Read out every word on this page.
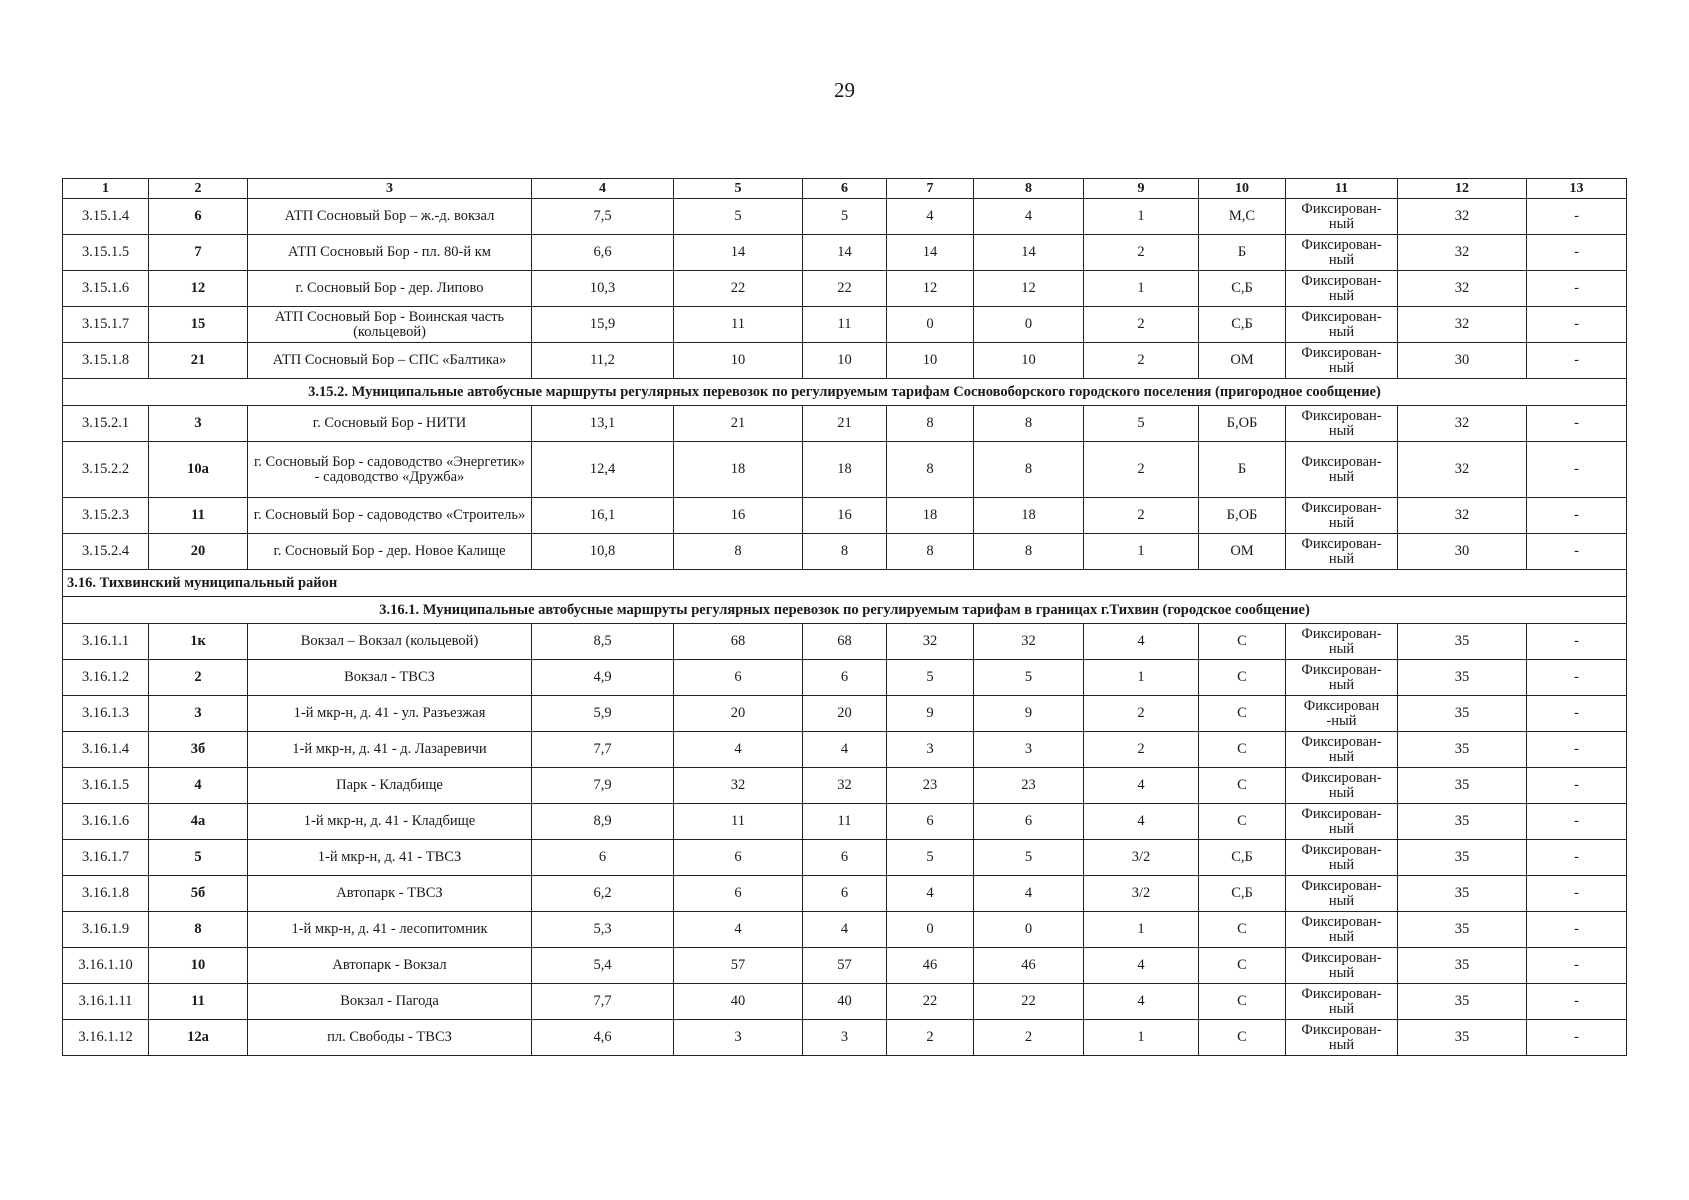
29
1	2	3	4	5	6	7	8	9	10	11	12	13
3.15.1.4	6	АТП Сосновый Бор – ж.-д. вокзал	7,5	5	5	4	4	1	М,С	Фиксирован-ный	32	-
3.15.1.5	7	АТП Сосновый Бор - пл. 80-й км	6,6	14	14	14	14	2	Б	Фиксирован-ный	32	-
3.15.1.6	12	г. Сосновый Бор - дер. Липово	10,3	22	22	12	12	1	С,Б	Фиксирован-ный	32	-
3.15.1.7	15	АТП Сосновый Бор - Воинская часть (кольцевой)	15,9	11	11	0	0	2	С,Б	Фиксирован-ный	32	-
3.15.1.8	21	АТП Сосновый Бор – СПС «Балтика»	11,2	10	10	10	10	2	ОМ	Фиксирован-ный	30	-
3.15.2. Муниципальные автобусные маршруты регулярных перевозок по регулируемым тарифам Сосновоборского городского поселения (пригородное сообщение)												
3.15.2.1	3	г. Сосновый Бор - НИТИ	13,1	21	21	8	8	5	Б,ОБ	Фиксирован-ный	32	-
3.15.2.2	10а	г. Сосновый Бор - садоводство «Энергетик» - садоводство «Дружба»	12,4	18	18	8	8	2	Б	Фиксирован-ный	32	-
3.15.2.3	11	г. Сосновый Бор - садоводство «Строитель»	16,1	16	16	18	18	2	Б,ОБ	Фиксирован-ный	32	-
3.15.2.4	20	г. Сосновый Бор - дер. Новое Калище	10,8	8	8	8	8	1	ОМ	Фиксирован-ный	30	-
3.16. Тихвинский муниципальный район												
3.16.1. Муниципальные автобусные маршруты регулярных перевозок по регулируемым тарифам в границах г.Тихвин (городское сообщение)												
3.16.1.1	1к	Вокзал – Вокзал (кольцевой)	8,5	68	68	32	32	4	С	Фиксирован-ный	35	-
3.16.1.2	2	Вокзал - ТВСЗ	4,9	6	6	5	5	1	С	Фиксирован-ный	35	-
3.16.1.3	3	1-й мкр-н, д. 41 - ул. Разъезжая	5,9	20	20	9	9	2	С	Фиксирован -ный	35	-
3.16.1.4	3б	1-й мкр-н, д. 41 - д. Лазаревичи	7,7	4	4	3	3	2	С	Фиксирован-ный	35	-
3.16.1.5	4	Парк - Кладбище	7,9	32	32	23	23	4	С	Фиксирован-ный	35	-
3.16.1.6	4а	1-й мкр-н, д. 41 - Кладбище	8,9	11	11	6	6	4	С	Фиксирован-ный	35	-
3.16.1.7	5	1-й мкр-н, д. 41 - ТВСЗ	6	6	6	5	5	3/2	С,Б	Фиксирован-ный	35	-
3.16.1.8	5б	Автопарк - ТВСЗ	6,2	6	6	4	4	3/2	С,Б	Фиксирован-ный	35	-
3.16.1.9	8	1-й мкр-н, д. 41 - лесопитомник	5,3	4	4	0	0	1	С	Фиксирован-ный	35	-
3.16.1.10	10	Автопарк - Вокзал	5,4	57	57	46	46	4	С	Фиксирован-ный	35	-
3.16.1.11	11	Вокзал - Пагода	7,7	40	40	22	22	4	С	Фиксирован-ный	35	-
3.16.1.12	12а	пл. Свободы - ТВСЗ	4,6	3	3	2	2	1	С	Фиксирован-ный	35	-
